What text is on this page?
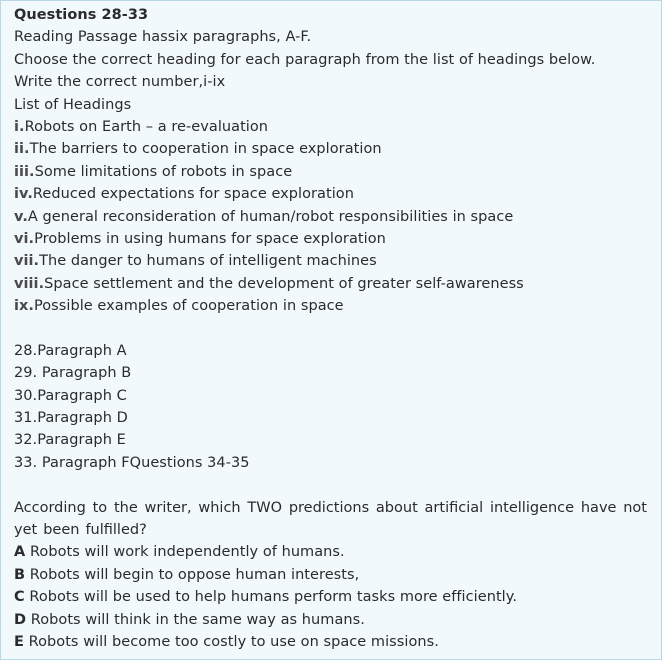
Questions 28-33
Reading Passage hassix paragraphs, A-F.
Choose the correct heading for each paragraph from the list of headings below.
Write the correct number,i-ix
List of Headings
i.Robots on Earth – a re-evaluation
ii.The barriers to cooperation in space exploration
iii.Some limitations of robots in space
iv.Reduced expectations for space exploration
v.A general reconsideration of human/robot responsibilities in space
vi.Problems in using humans for space exploration
vii.The danger to humans of intelligent machines
viii.Space settlement and the development of greater self-awareness
ix.Possible examples of cooperation in space
28.Paragraph A
29. Paragraph B
30.Paragraph C
31.Paragraph D
32.Paragraph E
33. Paragraph FQuestions 34-35
According to the writer, which TWO predictions about artificial intelligence have not yet been fulfilled?
A Robots will work independently of humans.
B Robots will begin to oppose human interests,
C Robots will be used to help humans perform tasks more efficiently.
D Robots will think in the same way as humans.
E Robots will become too costly to use on space missions.
